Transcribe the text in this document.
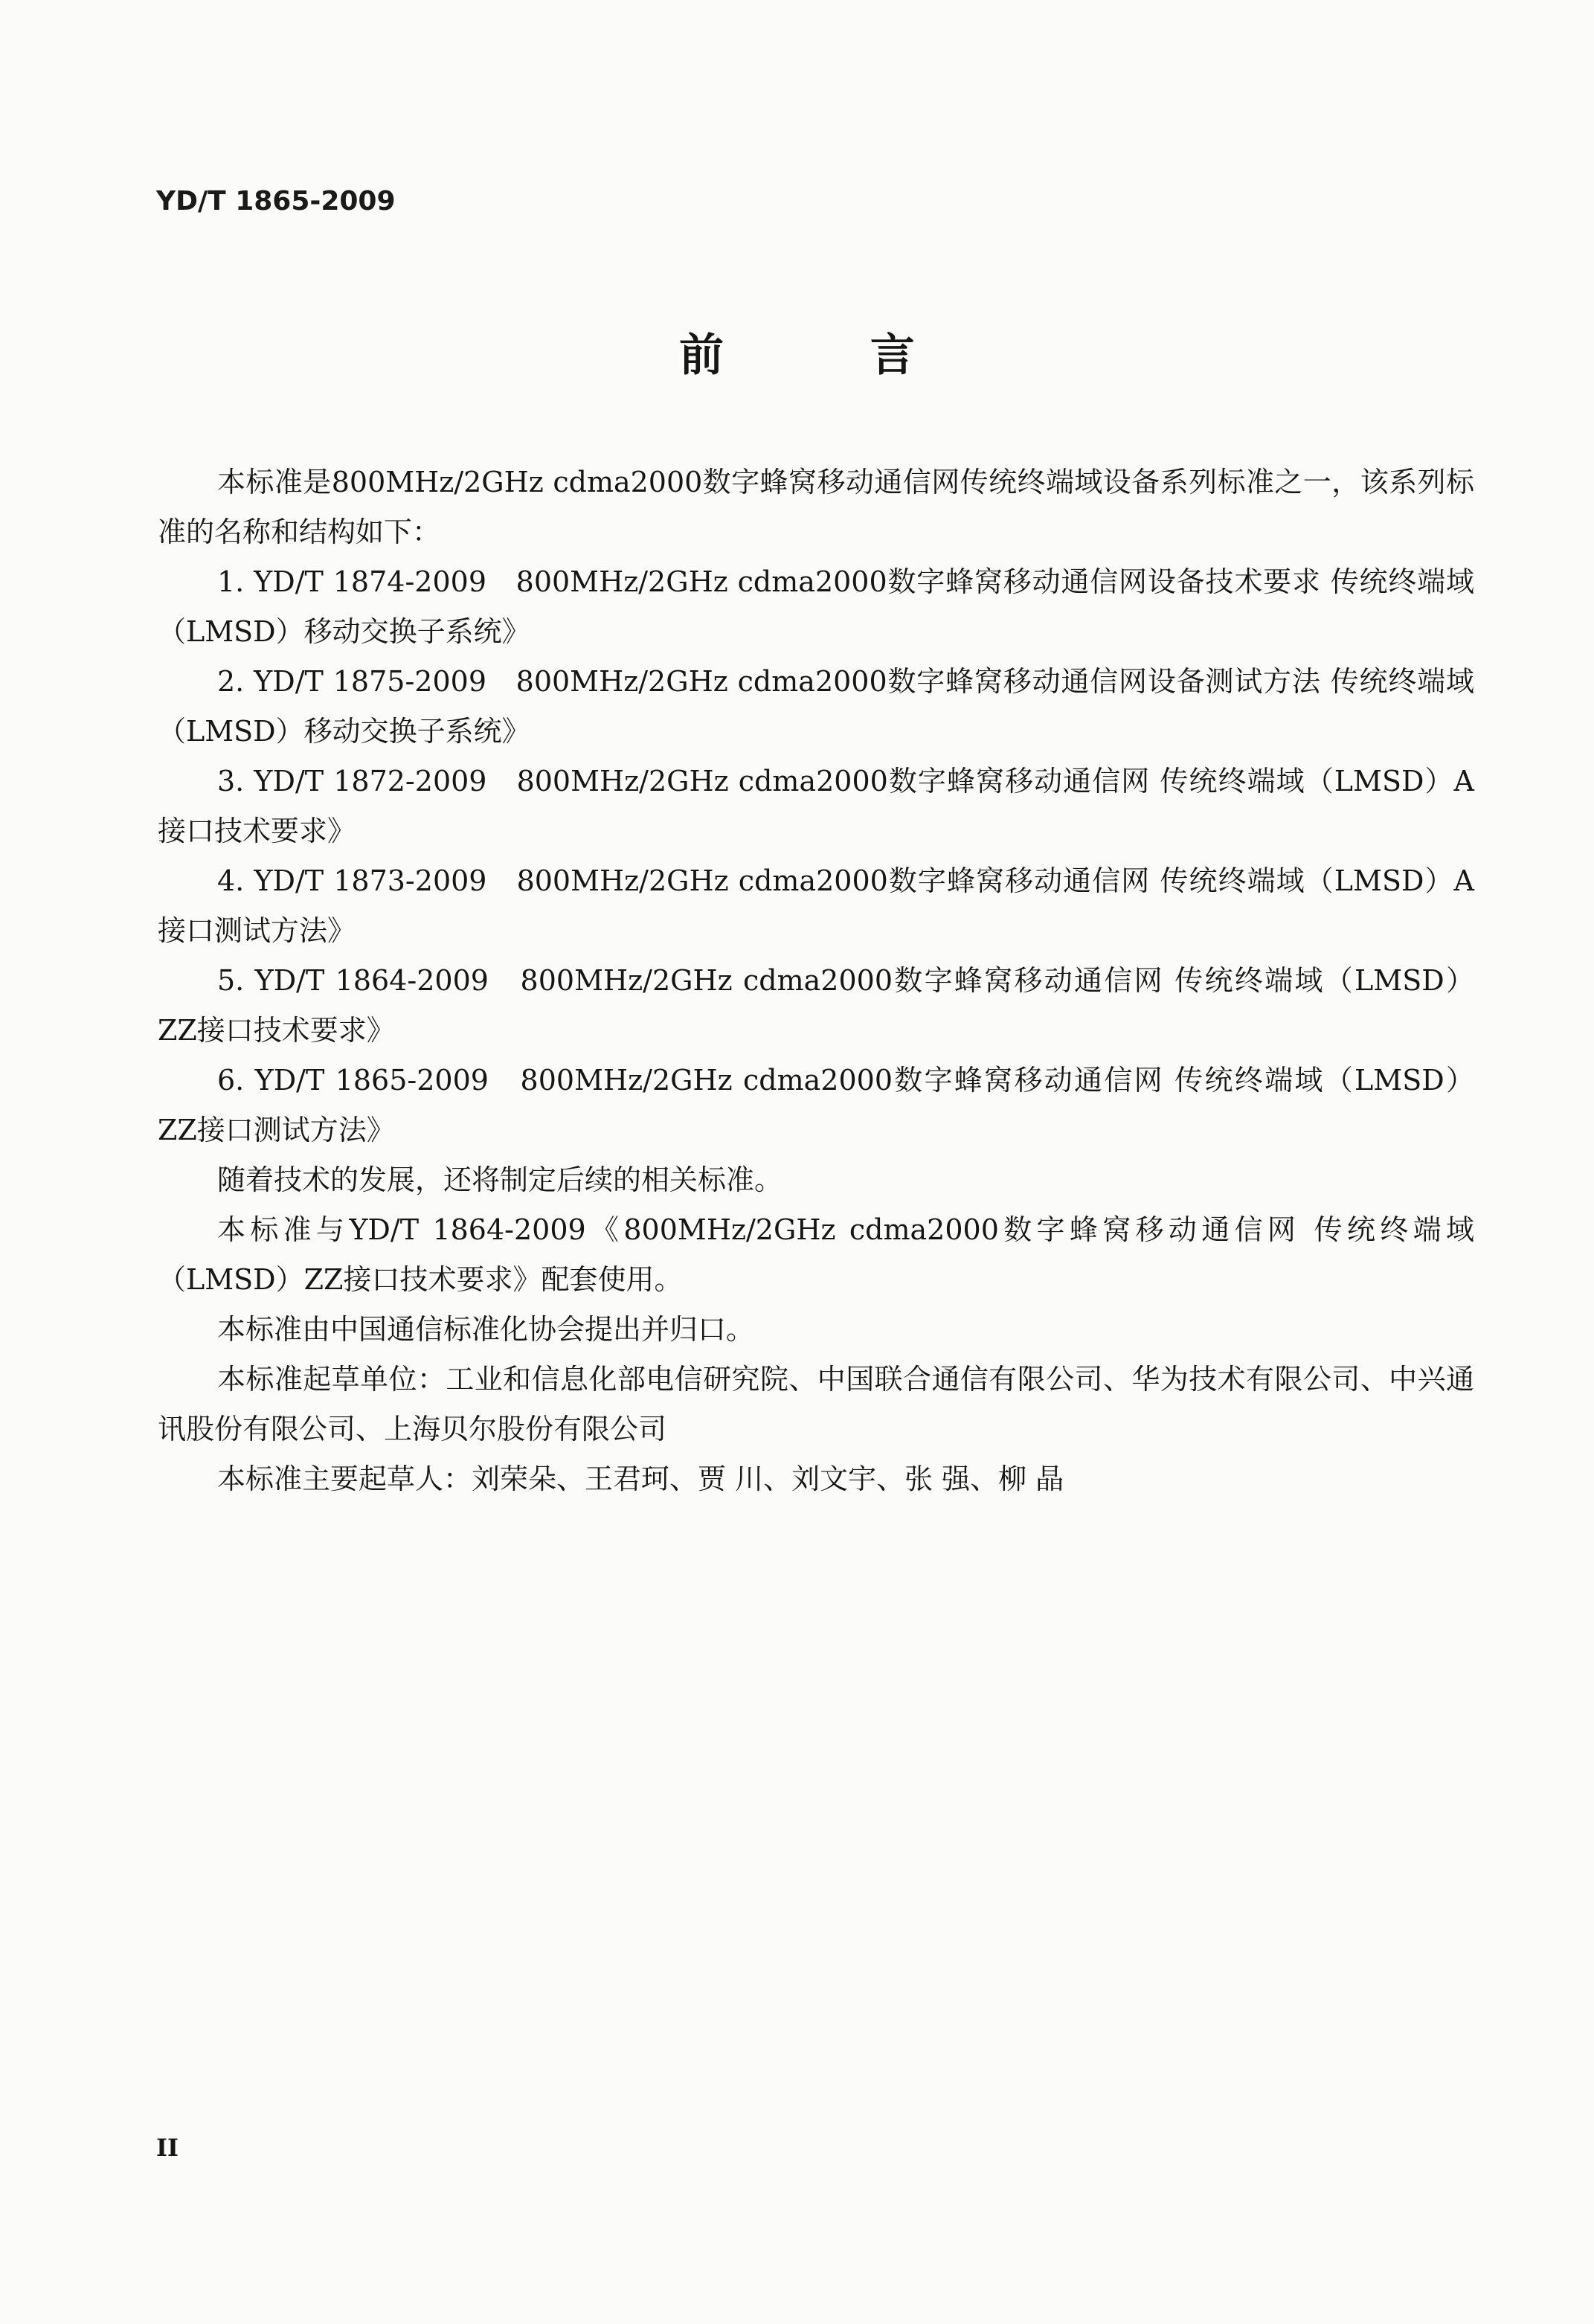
YD/T 1865-2009
前 言

本标准是800MHz/2GHz cdma2000数字蜂窝移动通信网传统终端域设备系列标准之一，该系列标准的名称和结构如下：

1. YD/T 1874-2009　800MHz/2GHz cdma2000数字蜂窝移动通信网设备技术要求 传统终端域（LMSD）移动交换子系统》

2. YD/T 1875-2009　800MHz/2GHz cdma2000数字蜂窝移动通信网设备测试方法 传统终端域（LMSD）移动交换子系统》

3. YD/T 1872-2009　800MHz/2GHz cdma2000数字蜂窝移动通信网 传统终端域（LMSD）A接口技术要求》

4. YD/T 1873-2009　800MHz/2GHz cdma2000数字蜂窝移动通信网 传统终端域（LMSD）A接口测试方法》

5. YD/T 1864-2009　800MHz/2GHz cdma2000数字蜂窝移动通信网 传统终端域（LMSD）ZZ接口技术要求》

6. YD/T 1865-2009　800MHz/2GHz cdma2000数字蜂窝移动通信网 传统终端域（LMSD）ZZ接口测试方法》

随着技术的发展，还将制定后续的相关标准。

本标准与YD/T 1864-2009《800MHz/2GHz cdma2000数字蜂窝移动通信网 传统终端域（LMSD）ZZ接口技术要求》配套使用。

本标准由中国通信标准化协会提出并归口。

本标准起草单位：工业和信息化部电信研究院、中国联合通信有限公司、华为技术有限公司、中兴通讯股份有限公司、上海贝尔股份有限公司

本标准主要起草人：刘荣朵、王君珂、贾 川、刘文宇、张 强、柳 晶

II
